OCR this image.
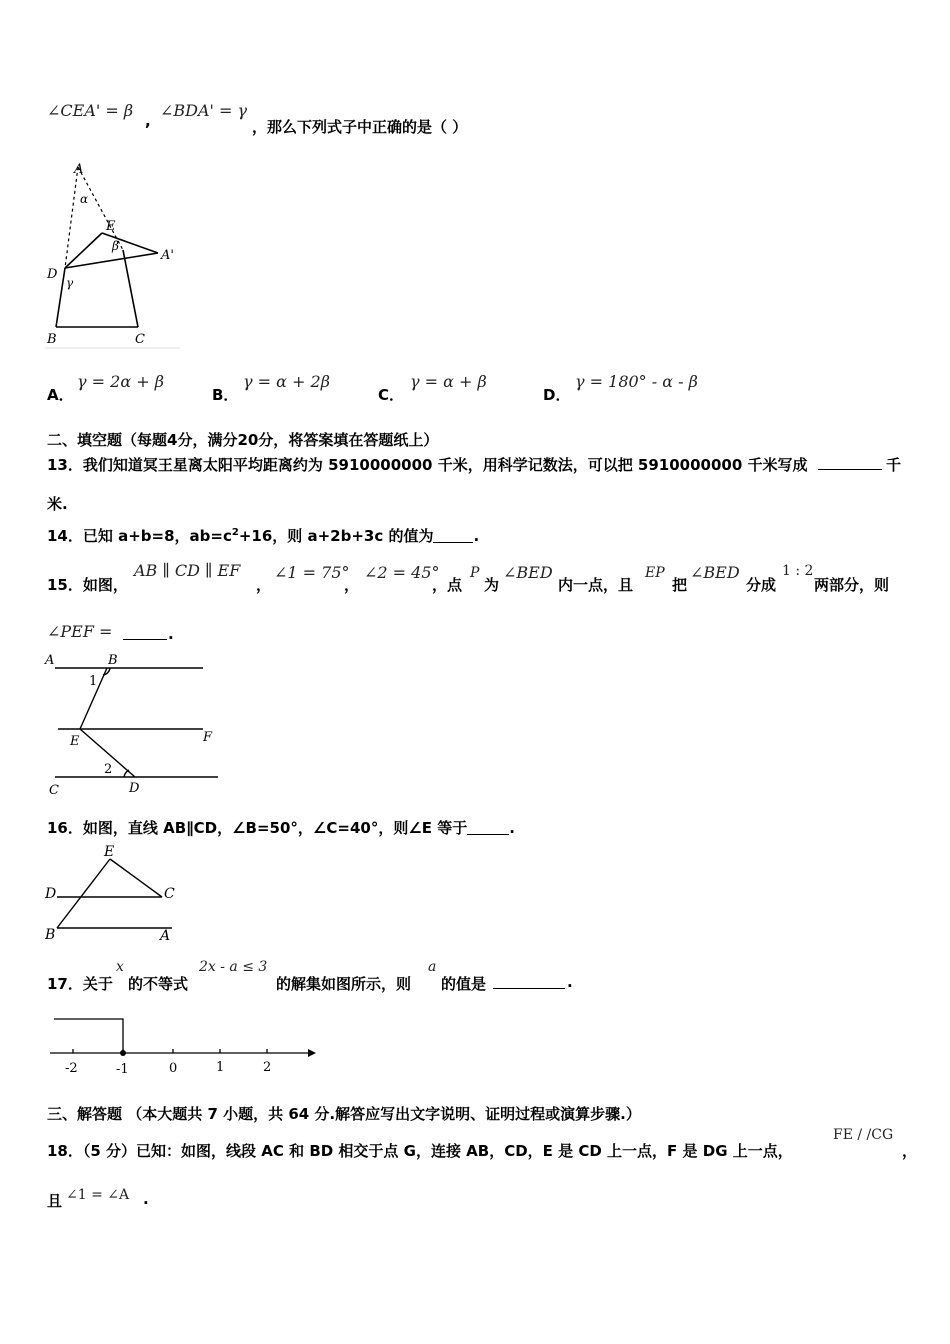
∠CEA' = β
,
∠BDA' = γ
，那么下列式子中正确的是（ ）
A
α
E
β
A'
D
γ
B	C
A．
γ = 2α + β
B．
γ = α + 2β
C．
γ = α + β
D．
γ = 180° - α - β
二、填空题（每题4分，满分20分，将答案填在答题纸上）
13．我们知道冥王星离太阳平均距离约为 5910000000 千米，用科学记数法，可以把 5910000000 千米写成	千
米.
14．已知 a+b=8，$ab=c^2+16$，则 a+2b+3c 的值为	.
15．如图，
AB ∥ CD ∥ EF
，
∠1 = 75°
，
∠2 = 45°
，点
P
为
∠BED
内一点，且
EP
把
∠BED
分成
1 : 2
两部分，则
∠PEF =	.
A	B
1
E	F
2
C	D
16．如图，直线 AB∥CD，∠B=50°，∠C=40°，则∠E 等于	.
E
D	C
B	A
17．关于
x
的不等式
2x - a ≤ 3
的解集如图所示，则
a
的值是	.
-2	-1	0	1	2
三、解答题 （本大题共 7 小题，共 64 分.解答应写出文字说明、证明过程或演算步骤.）
18．（5 分）已知：如图，线段 AC 和 BD 相交于点 G，连接 AB，CD，E 是 CD 上一点，F 是 DG 上一点，
FE / /CG
，
且 ∠1 = ∠A .
